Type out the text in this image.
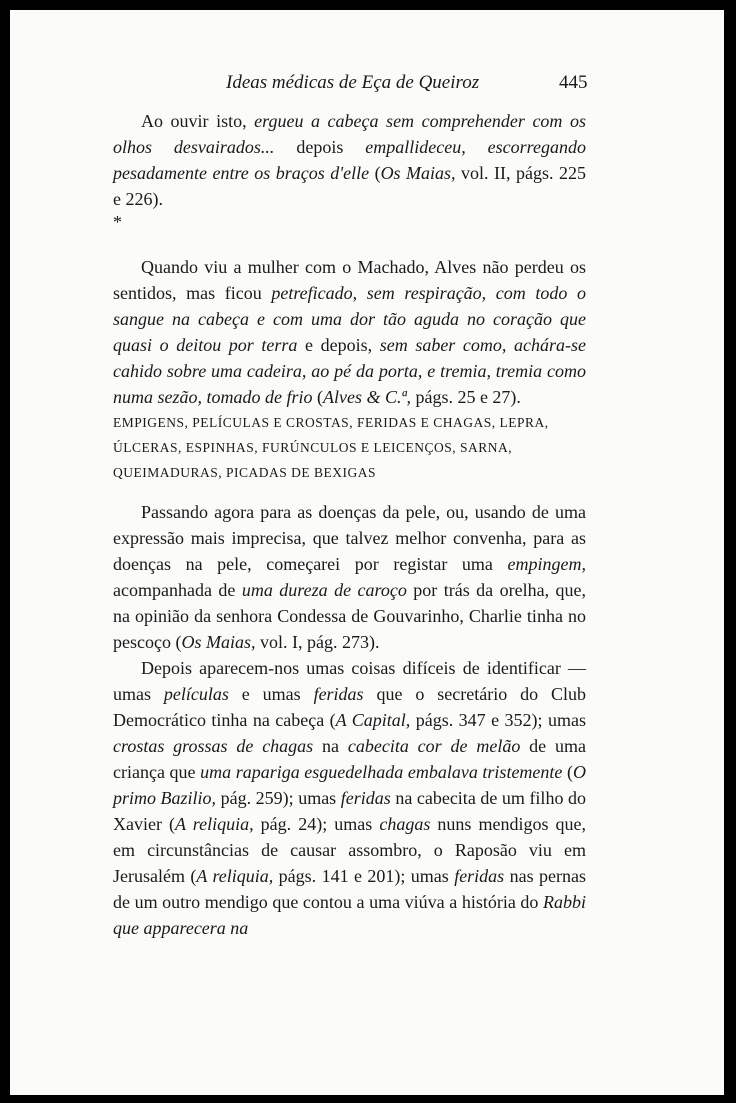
Ideas médicas de Eça de Queiroz	445

Ao ouvir isto, ergueu a cabeça sem comprehender com os olhos desvairados... depois empallideceu, escorregando pesadamente entre os braços d'elle (Os Maias, vol. II, págs. 225 e 226).

*

Quando viu a mulher com o Machado, Alves não perdeu os sentidos, mas ficou petreficado, sem respiração, com todo o sangue na cabeça e com uma dor tão aguda no coração que quasi o deitou por terra e depois, sem saber como, achára-se cahido sobre uma cadeira, ao pé da porta, e tremia, tremia como numa sezão, tomado de frio (Alves & C.ª, págs. 25 e 27).

EMPIGENS, PELÍCULAS E CROSTAS, FERIDAS E CHAGAS, LEPRA,
ÚLCERAS, ESPINHAS, FURÚNCULOS E LEICENÇOS, SARNA,
QUEIMADURAS, PICADAS DE BEXIGAS

Passando agora para as doenças da pele, ou, usando de uma expressão mais imprecisa, que talvez melhor convenha, para as doenças na pele, começarei por registar uma empingem, acompanhada de uma dureza de caroço por trás da orelha, que, na opinião da senhora Condessa de Gouvarinho, Charlie tinha no pescoço (Os Maias, vol. I, pág. 273).

Depois aparecem-nos umas coisas difíceis de identificar — umas películas e umas feridas que o secretário do Club Democrático tinha na cabeça (A Capital, págs. 347 e 352); umas crostas grossas de chagas na cabecita cor de melão de uma criança que uma rapariga esguedelhada embalava tristemente (O primo Bazilio, pág. 259); umas feridas na cabecita de um filho do Xavier (A reliquia, pág. 24); umas chagas nuns mendigos que, em circunstâncias de causar assombro, o Raposão viu em Jerusalém (A reliquia, págs. 141 e 201); umas feridas nas pernas de um outro mendigo que contou a uma viúva a história do Rabbi que apparecera na
